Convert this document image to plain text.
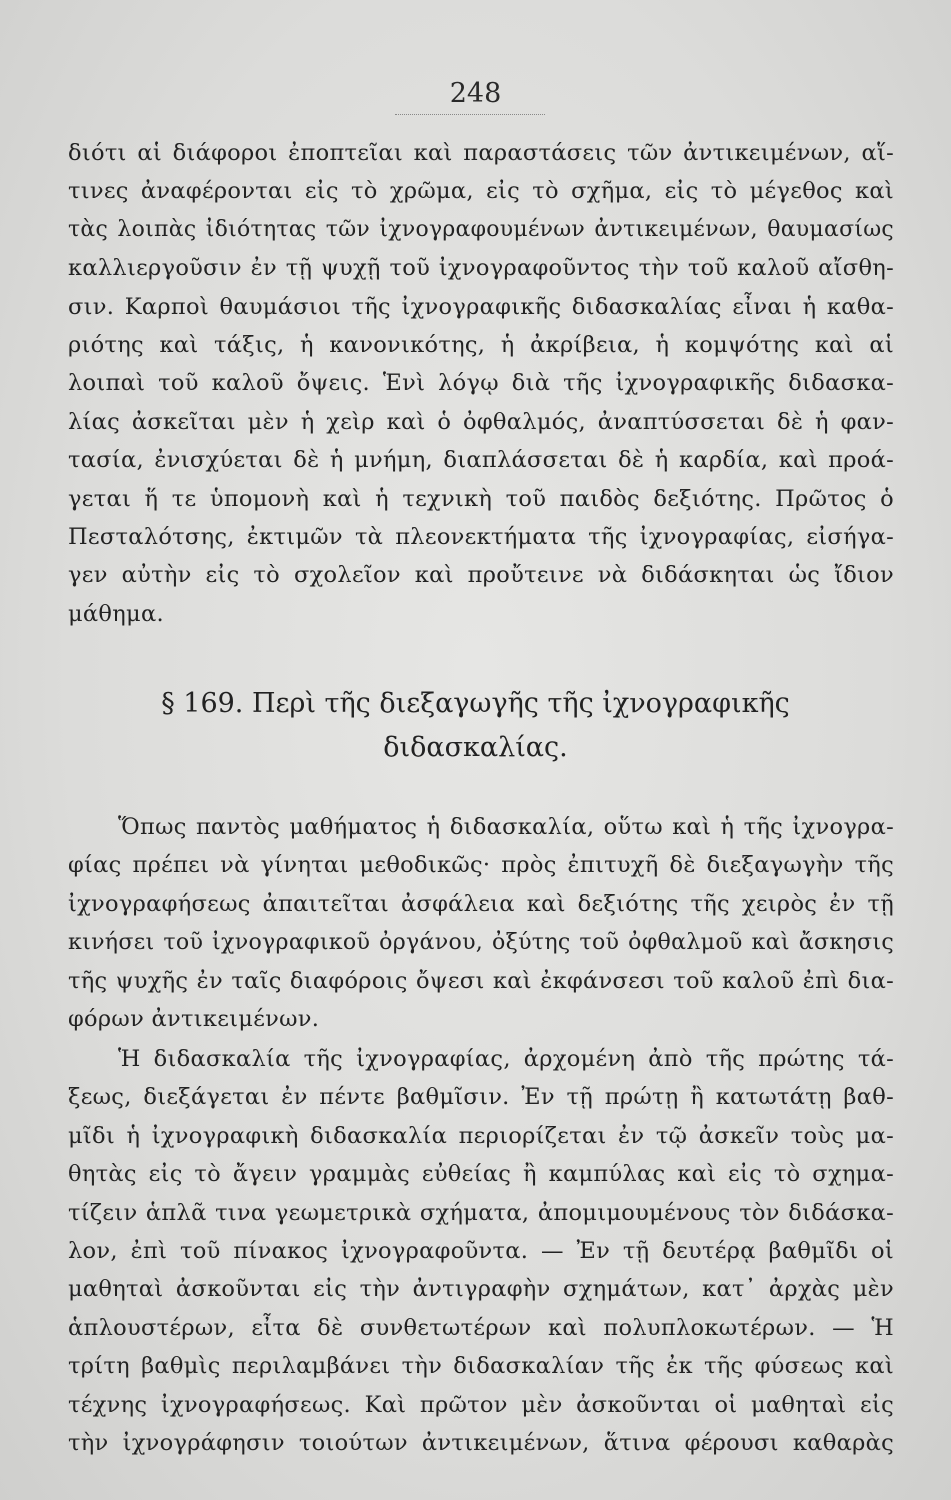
248
διότι αἱ διάφοροι ἐποπτεῖαι καὶ παραστάσεις τῶν ἀντικειμένων, αἵ-
τινες ἀναφέρονται εἰς τὸ χρῶμα, εἰς τὸ σχῆμα, εἰς τὸ μέγεθος καὶ
τὰς λοιπὰς ἰδιότητας τῶν ἰχνογραφουμένων ἀντικειμένων, θαυμασίως
καλλιεργοῦσιν ἐν τῇ ψυχῇ τοῦ ἰχνογραφοῦντος τὴν τοῦ καλοῦ αἴσθη-
σιν. Καρποὶ θαυμάσιοι τῆς ἰχνογραφικῆς διδασκαλίας εἶναι ἡ καθα-
ριότης καὶ τάξις, ἡ κανονικότης, ἡ ἀκρίβεια, ἡ κομψότης καὶ αἱ
λοιπαὶ τοῦ καλοῦ ὄψεις. Ἑνὶ λόγῳ διὰ τῆς ἰχνογραφικῆς διδασκα-
λίας ἀσκεῖται μὲν ἡ χεὶρ καὶ ὁ ὀφθαλμός, ἀναπτύσσεται δὲ ἡ φαν-
τασία, ἐνισχύεται δὲ ἡ μνήμη, διαπλάσσεται δὲ ἡ καρδία, καὶ προά-
γεται ἥ τε ὑπομονὴ καὶ ἡ τεχνικὴ τοῦ παιδὸς δεξιότης. Πρῶτος ὁ
Πεσταλότσης, ἐκτιμῶν τὰ πλεονεκτήματα τῆς ἰχνογραφίας, εἰσήγα-
γεν αὐτὴν εἰς τὸ σχολεῖον καὶ προὔτεινε νὰ διδάσκηται ὡς ἴδιον
μάθημα.
§ 169. Περὶ τῆς διεξαγωγῆς τῆς ἰχνογραφικῆς
διδασκαλίας.
Ὅπως παντὸς μαθήματος ἡ διδασκαλία, οὕτω καὶ ἡ τῆς ἰχνογρα-
φίας πρέπει νὰ γίνηται μεθοδικῶς· πρὸς ἐπιτυχῆ δὲ διεξαγωγὴν τῆς
ἰχνογραφήσεως ἀπαιτεῖται ἀσφάλεια καὶ δεξιότης τῆς χειρὸς ἐν τῇ
κινήσει τοῦ ἰχνογραφικοῦ ὀργάνου, ὀξύτης τοῦ ὀφθαλμοῦ καὶ ἄσκησις
τῆς ψυχῆς ἐν ταῖς διαφόροις ὄψεσι καὶ ἐκφάνσεσι τοῦ καλοῦ ἐπὶ δια-
φόρων ἀντικειμένων.
Ἡ διδασκαλία τῆς ἰχνογραφίας, ἀρχομένη ἀπὸ τῆς πρώτης τά-
ξεως, διεξάγεται ἐν πέντε βαθμῖσιν. Ἐν τῇ πρώτῃ ἢ κατωτάτῃ βαθ-
μῖδι ἡ ἰχνογραφικὴ διδασκαλία περιορίζεται ἐν τῷ ἀσκεῖν τοὺς μα-
θητὰς εἰς τὸ ἄγειν γραμμὰς εὐθείας ἢ καμπύλας καὶ εἰς τὸ σχημα-
τίζειν ἁπλᾶ τινα γεωμετρικὰ σχήματα, ἀπομιμουμένους τὸν διδάσκα-
λον, ἐπὶ τοῦ πίνακος ἰχνογραφοῦντα. — Ἐν τῇ δευτέρᾳ βαθμῖδι οἱ
μαθηταὶ ἀσκοῦνται εἰς τὴν ἀντιγραφὴν σχημάτων, κατ᾽ ἀρχὰς μὲν
ἁπλουστέρων, εἶτα δὲ συνθετωτέρων καὶ πολυπλοκωτέρων. — Ἡ
τρίτη βαθμὶς περιλαμβάνει τὴν διδασκαλίαν τῆς ἐκ τῆς φύσεως καὶ
τέχνης ἰχνογραφήσεως. Καὶ πρῶτον μὲν ἀσκοῦνται οἱ μαθηταὶ εἰς
τὴν ἰχνογράφησιν τοιούτων ἀντικειμένων, ἅτινα φέρουσι καθαρὰς
